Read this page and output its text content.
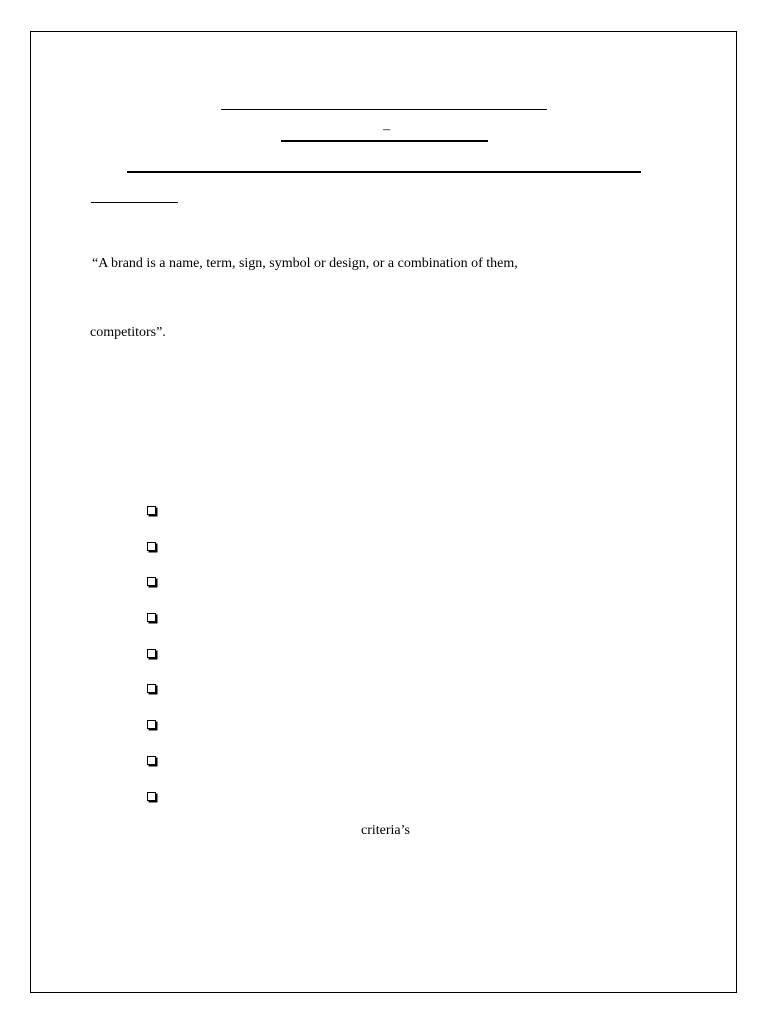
–
“A brand is a name, term, sign, symbol or design, or a combination of them,
competitors”.
criteria’s
